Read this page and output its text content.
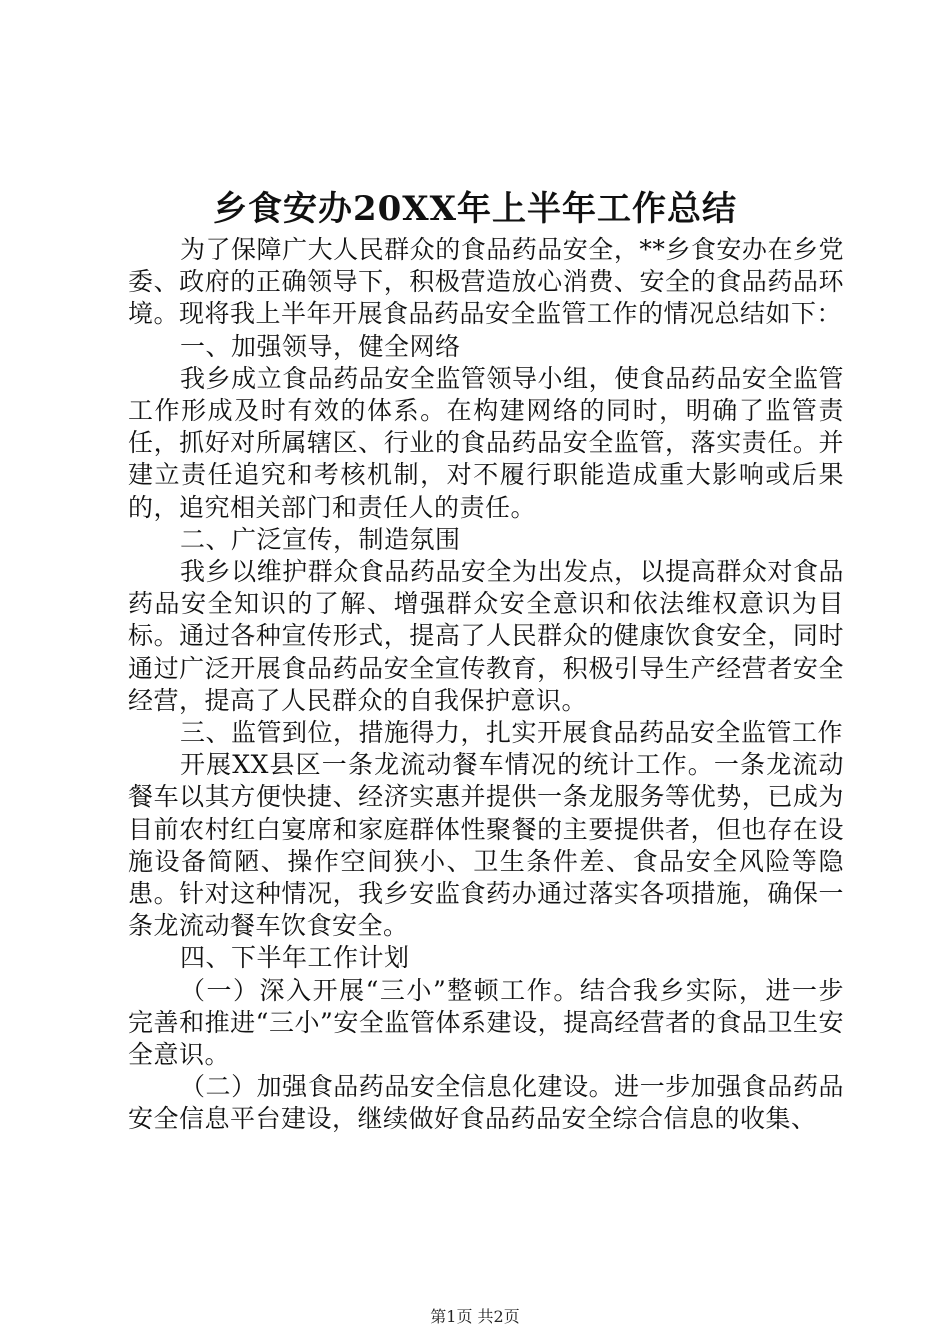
乡食安办20XX年上半年工作总结

为了保障广大人民群众的食品药品安全，**乡食安办在乡党委、政府的正确领导下，积极营造放心消费、安全的食品药品环境。现将我上半年开展食品药品安全监管工作的情况总结如下：

一、加强领导，健全网络

我乡成立食品药品安全监管领导小组，使食品药品安全监管工作形成及时有效的体系。在构建网络的同时，明确了监管责任，抓好对所属辖区、行业的食品药品安全监管，落实责任。并建立责任追究和考核机制，对不履行职能造成重大影响或后果的，追究相关部门和责任人的责任。

二、广泛宣传，制造氛围

我乡以维护群众食品药品安全为出发点，以提高群众对食品药品安全知识的了解、增强群众安全意识和依法维权意识为目标。通过各种宣传形式，提高了人民群众的健康饮食安全，同时通过广泛开展食品药品安全宣传教育，积极引导生产经营者安全经营，提高了人民群众的自我保护意识。

三、监管到位，措施得力，扎实开展食品药品安全监管工作

开展XX县区一条龙流动餐车情况的统计工作。一条龙流动餐车以其方便快捷、经济实惠并提供一条龙服务等优势，已成为目前农村红白宴席和家庭群体性聚餐的主要提供者，但也存在设施设备简陋、操作空间狭小、卫生条件差、食品安全风险等隐患。针对这种情况，我乡安监食药办通过落实各项措施，确保一条龙流动餐车饮食安全。

四、下半年工作计划

（一）深入开展“三小”整顿工作。结合我乡实际，进一步完善和推进“三小”安全监管体系建设，提高经营者的食品卫生安全意识。

（二）加强食品药品安全信息化建设。进一步加强食品药品安全信息平台建设，继续做好食品药品安全综合信息的收集、

第1页 共2页
